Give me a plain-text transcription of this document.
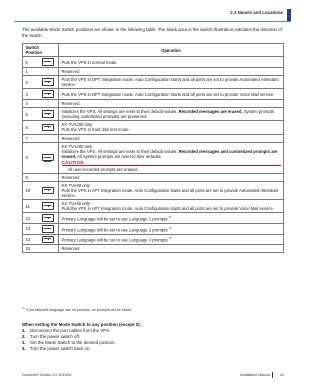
2.3 Names and Locations
The available Mode Switch positions are shown in the following table. The black area in the switch illustration indicates the direction of the switch.
Switch Position	Operation

0	Puts the VPS in normal mode.

1	Reserved

2	Puts the VPS in DPT Integration mode. Auto Configuration starts and all ports are set to provide Automated Attendant service.

3	Puts the VPS in DPT Integration mode. Auto Configuration starts and all ports are set to provide Voice Mail service.

4	Reserved

5	Initializes the VPS. All settings are reset to their default values. Recorded messages are erased. System prompts (including customized prompts) are preserved.

6	KX-TVA200 only
Puts the VPS in hard disk test mode.

7	Reserved

8	KX-TVA200 only
Initializes the VPS. All settings are reset to their default values. Recorded messages and customized prompts are erased. All System prompts are reset to their defaults.
CAUTION
All user-recorded prompts are erased.

9	Reserved

10	KX-TVA50 only
Puts the VPS in APT Integration mode. Auto Configuration starts and all ports are set to provide Automated Attendant service.

11	KX-TVA50 only
Puts the VPS in APT Integration mode. Auto Configuration starts and all ports are set to provide Voice Mail service.

12	Primary Language will be set to use Language 1 prompts.$^{*1}$

13	Primary Language will be set to use Language 2 prompts.$^{*1}$

14	Primary Language will be set to use Language 3 prompts.$^{*1}$

15	Reserved
$^{*1}$ If the selected language has no prompts, no prompts will be heard.
When setting the Mode Switch to any position (except 0):
1. Disconnect the port cables from the VPS.
2. Turn the power switch off.
3. Set the Mode Switch to the desired position.
4. Turn the power switch back on.
Document Version 3.0 2010/06	Installation Manual	41
